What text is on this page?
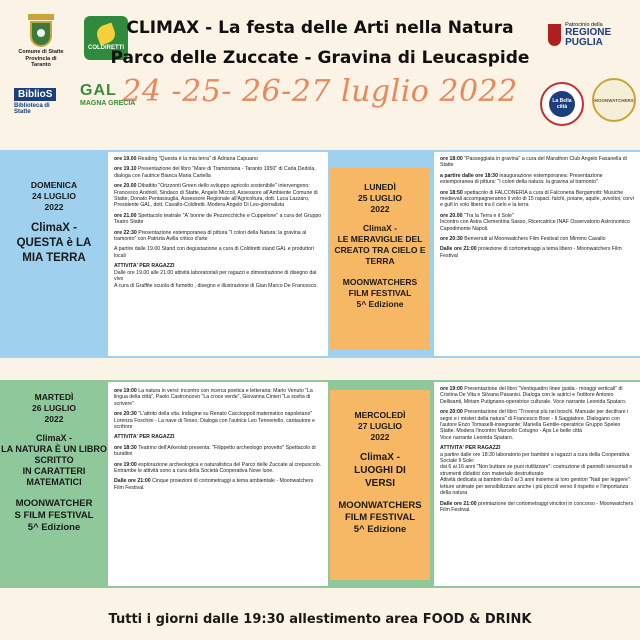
Comune di Statte
Provincia di Taranto
COLDIRETTI
CLIMAX - La festa delle Arti nella Natura
Parco delle Zuccate - Gravina di Leucaspide
24 -25- 26-27 luglio 2022
BiblioS
Biblioteca di Statte
GAL
MAGNA GRECIA
Patrocinio della
REGIONE PUGLIA
La Bella città
MOONWATCHERS
DOMENICA
24 LUGLIO
2022
ClimaX -
QUESTA è LA
MIA TERRA
LUNEDÌ
25 LUGLIO
2022
ClimaX -
LE MERAVIGLIE DEL
CREATO TRA CIELO E
TERRA
MOONWATCHERS
FILM FESTIVAL
5^ Edizione

ore 19.00 Reading "Questa è la mia terra" di Adriana Capuano

ore 19.10 Presentazione del libro "Mare di Tramontana - Taranto 1950" di Carla Dedola, dialoga con l'autrice Bianca Maria Cartella

ore 20.00 Dibattito "Orizzonti Green dello sviluppo agricolo sostenibile" intervengono: Francesco Andrioli, Sindaco di Statte, Angelo Miccoli, Assessore all'Ambiente Comune di Statte, Donato Pentassuglia, Assessore Regionale all'Agricoltura, dott. Luca Lazzaro, Presidente GAL, dott. Cavallo-Coldiretti. Modera Angelo Di Leo-giornalista

ore 21.00 Spettacolo teatrale "A' bonne de Pezzecchiche e Cuppelone" a cura del Gruppo Teatro Statte

ore 22:30 Presentazione estemporanea di pittura "I colori della Natura: la gravina al tramonto" con Patrizia Avilla critico d'arte

A partire dalle 19.00 Stand con degustazione a cura di Coldiretti stand GAL e produttori locali

ATTIVITA' PER RAGAZZI
Dalle ore 19.00 alle 21.00 attività laboratoriali per ragazzi e dimostrazione di disegno dal vivo
A cura di Graffite scuola di fumetto , disegno e illustrazione di Gian Marco De Francesco.

ore 18:00 "Passeggiata in gravina" a cura del Marathon Club Angelo Fasanella di Statte

a partire dalle ore 18:30 inaugurazione estemporanea: Presentazione estemporanea di pittura: "I colori della natura: la gravina al tramonto"

ore 18:50 spettacolo di FALCONERIA a cura di Falconeria Bergamotti: Musiche medievali accompagneranno il volo di 15 rapaci: falchi, poiane, aquile, avvoltoi, corvi e gufi in volo libero tra il cielo e la terra

ore 20.00 "Tra la Terra e il Sole"
Incontro con Astra Clementina Sasso, Ricercatrice INAF Osservatorio Astronomico Capodimonte Napoli.

ore 20:30 Benvenuti al Moonwatchers Film Festival con Mimmo Cavallo

Dalle ore 21:00 proiezione di cortometraggi a tema libero - Moonwatchers Film Festival

MARTEDÌ
26 LUGLIO
2022
ClimaX -
LA NATURA È UN LIBRO
SCRITTO
IN CARATTERI
MATEMATICI
MOONWATCHER
S FILM FESTIVAL
5^ Edizione
MERCOLEDÌ
27 LUGLIO
2022
ClimaX -
LUOGHI DI
VERSI
MOONWATCHERS
FILM FESTIVAL
5^ Edizione

ore 19:00 La natura in versi: incontro con ricerca poetica e letteraria: Mario Venuto "La lingua della città", Paolo Castronuovo "La croce verde", Giovanna Cinieri "La scelta di scrivere"

ore 20:30 "L'attrito della vita. Indagine su Renato Caccioppoli matematico napoletano" Lorenza Foschini - La nave di Teseo. Dialoga con l'autrice Leo Tenneriello, cantautore e scrittore

ATTIVITA' PER RAGAZZI

ore 18:30 Teatrino dell'Arkeolab presenta: "Filippetto archeologo provetto" Spettacolo di burattini

ore 19:00 esplorazione archeologica e naturalistica del Parco delle Zuccate al crepuscolo.
Entrambe le attività sono a cura della Società Cooperativa Nove lune.

Dalle ore 21:00 Cinque proiezioni di cortometraggi a tema ambientale - Moonwatchers Film Festival.

ore 19:00 Presentazione del libro "Ventiquattro linee guida - miraggi verticali" di Cristina De Vita e Silvana Pasanisi. Dialoga con le autrici e l'editore Antonio Dellisanti, Miriam Putignano-operatrice culturale. Voce narrante Leonida Spataro.

ore 20:00 Presentazione del libro "Troverai più nei boschi. Manuale per decifrare i segni e i misteri della natura" di Francesco Boer - Il Saggiatore. Dialogano con l'autore Enzo Tomaselli-insegnante; Mariella Gentile-operatrice Gruppo Speleo Statte. Modera l'incontro Marcello Cotugno - Aps Le belle città
Voce narrante Leonida Spataro.

ATTIVITA' PER RAGAZZI
a partire dalle ore 18:30 laboratorio per bambini a ragazzi a cura della Cooperativa Sociale Il Sole:
dai 6 ai 16 anni "Non buttare se puoi riutilizzare": costruzione di pannelli sensoriali e strumenti didattici con materiale destrutturato
Attività dedicata ai bambini da 0 ai 3 anni insieme ai loro genitori "Nati per leggere": letture animate per sensibilizzare anche i più piccoli verso il rispetto e l'importanza della natura

Dalle ore 21:00 premiazione dei cortometraggi vincitori in concorso - Moonwatchers Film Festival.

Tutti i giorni dalle 19:30 allestimento area FOOD & DRINK
